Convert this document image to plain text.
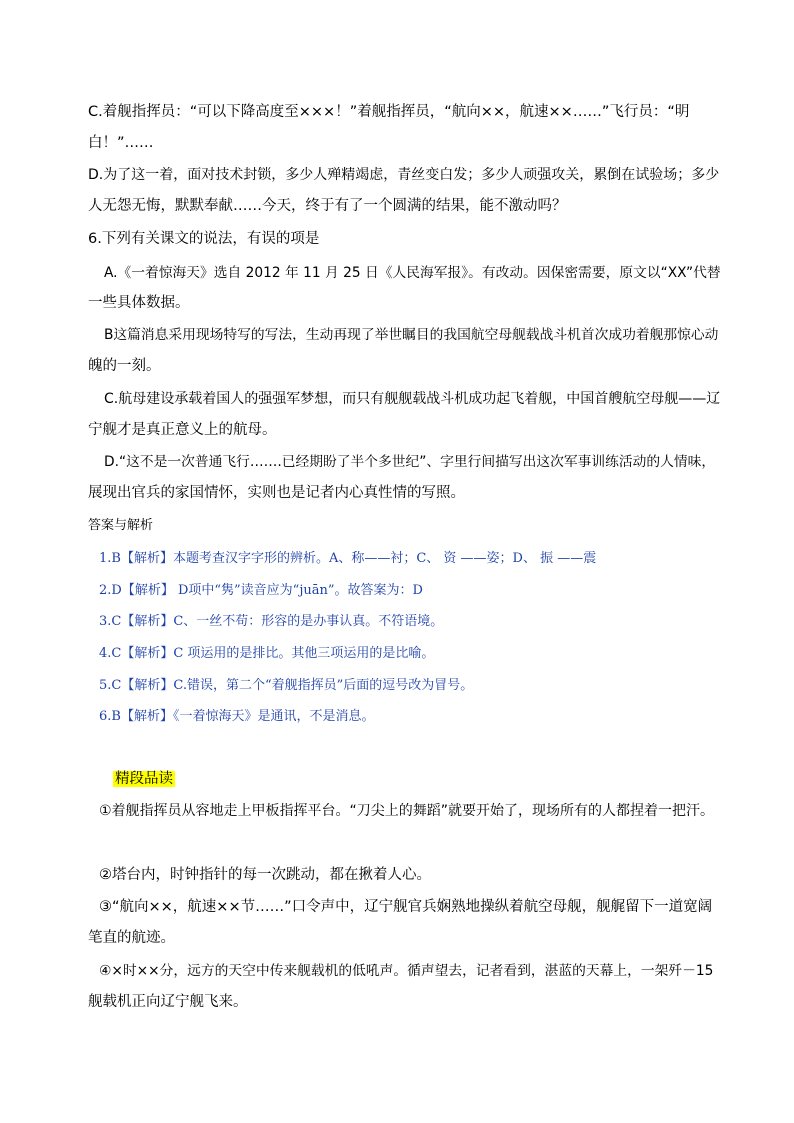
C.着舰指挥员：“可以下降高度至×××！”着舰指挥员，“航向××，航速××……”飞行员：“明
白！”……
D.为了这一着，面对技术封锁，多少人殚精竭虑，青丝变白发；多少人顽强攻关，累倒在试验场；多少
人无怨无悔，默默奉献……今天，终于有了一个圆满的结果，能不激动吗？
6.下列有关课文的说法，有误的项是
A.《一着惊海天》选自 2012 年 11 月 25 日《人民海军报》。有改动。因保密需要，原文以“XX”代替
一些具体数据。
B这篇消息采用现场特写的写法，生动再现了举世瞩目的我国航空母舰载战斗机首次成功着舰那惊心动
魄的一刻。
C.航母建设承载着国人的强强军梦想，而只有舰舰载战斗机成功起飞着舰，中国首艘航空母舰——辽
宁舰才是真正意义上的航母。
D.“这不是一次普通飞行…….已经期盼了半个多世纪”、字里行间描写出这次军事训练活动的人情味，
展现出官兵的家国情怀，实则也是记者内心真性情的写照。
答案与解析
1.B【解析】本题考查汉字字形的辨析。A、称——衬；C、 资 ——姿；D、 振 ——震
2.D【解析】 D项中“隽”读音应为“juān”。故答案为：D
3.C【解析】C、一丝不苟：形容的是办事认真。不符语境。
4.C【解析】C 项运用的是排比。其他三项运用的是比喻。
5.C【解析】C.错误，第二个“着舰指挥员”后面的逗号改为冒号。
6.B【解析】《一着惊海天》是通讯，不是消息。
精段品读
①着舰指挥员从容地走上甲板指挥平台。“刀尖上的舞蹈”就要开始了，现场所有的人都捏着一把汗。
②塔台内，时钟指针的每一次跳动，都在揪着人心。
③“航向××，航速××节……”口令声中，辽宁舰官兵娴熟地操纵着航空母舰，舰艉留下一道宽阔
笔直的航迹。
④×时××分，远方的天空中传来舰载机的低吼声。循声望去，记者看到，湛蓝的天幕上，一架歼－15
舰载机正向辽宁舰飞来。
